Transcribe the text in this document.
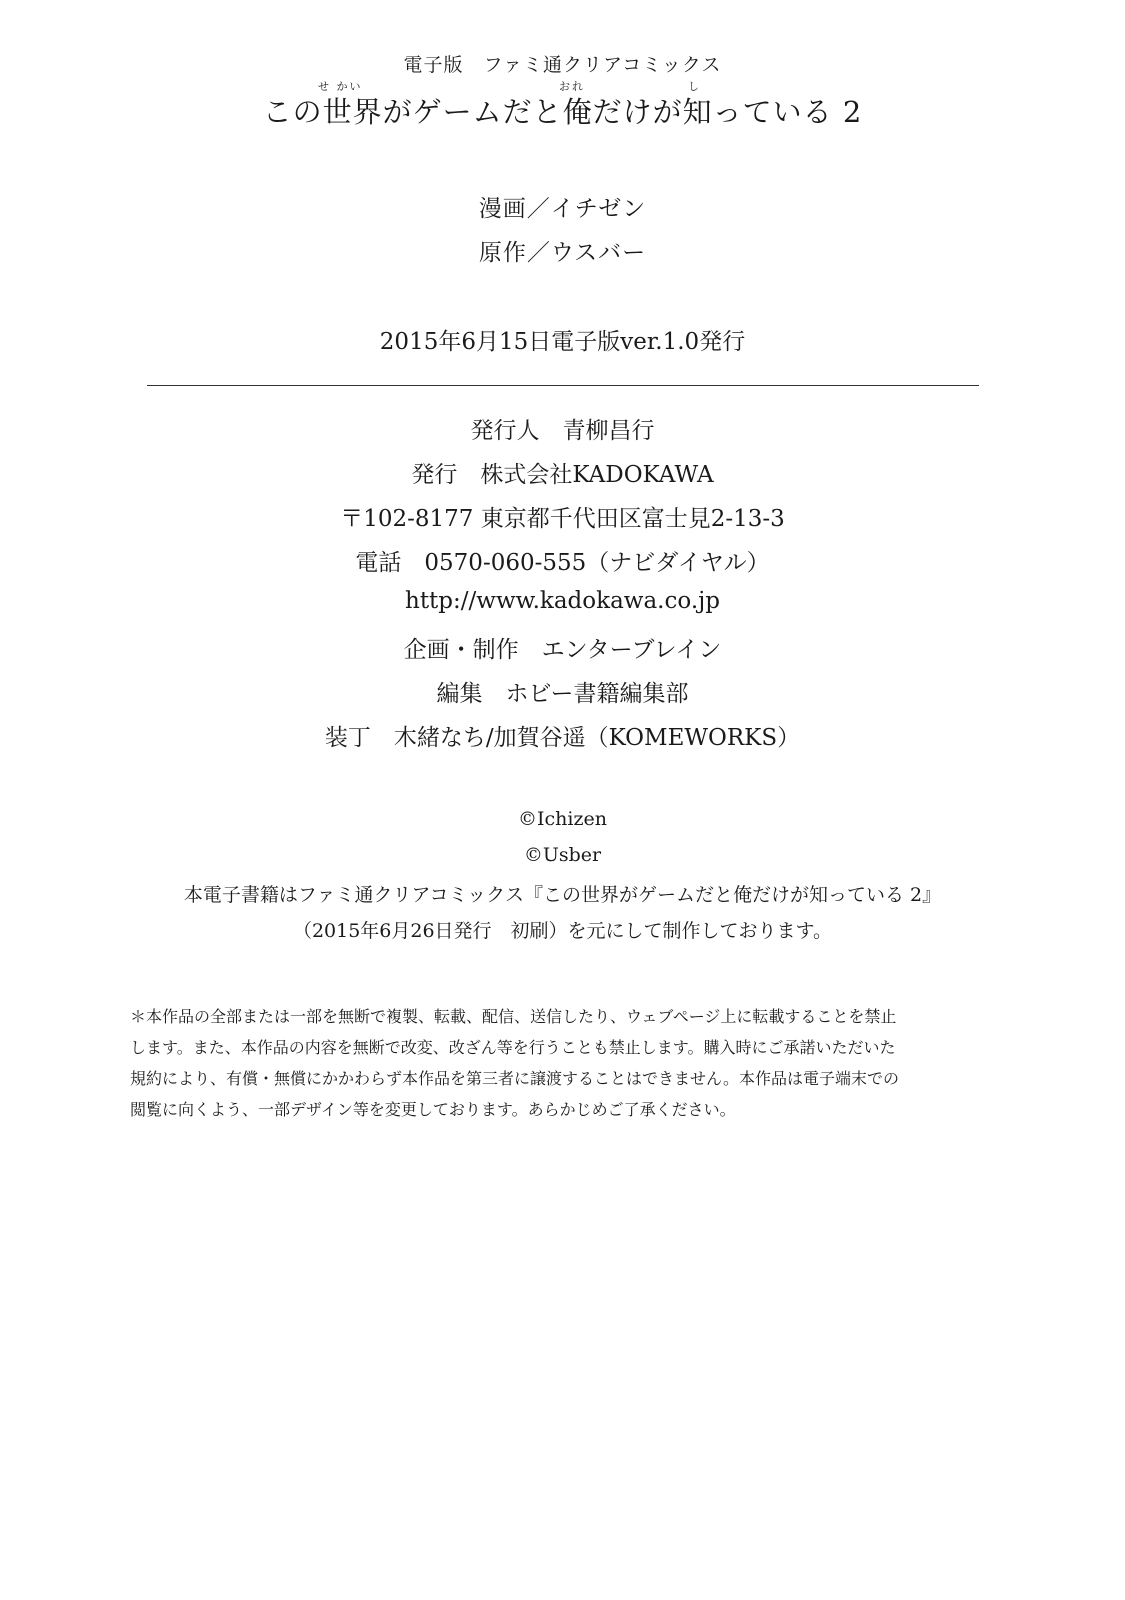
電子版　ファミ通クリアコミックス
せ かい	おれ	し
この世界がゲームだと俺だけが知っている 2
漫画／イチゼン
原作／ウスバー
2015年6月15日電子版ver.1.0発行
発行人　青柳昌行
発行　株式会社KADOKAWA
〒102-8177 東京都千代田区富士見2-13-3
電話　0570-060-555（ナビダイヤル）
http://www.kadokawa.co.jp
企画・制作　エンターブレイン
編集　ホビー書籍編集部
装丁　木緒なち/加賀谷遥（KOMEWORKS）
©Ichizen
©Usber
本電子書籍はファミ通クリアコミックス『この世界がゲームだと俺だけが知っている 2』
（2015年6月26日発行　初刷）を元にして制作しております。
＊本作品の全部または一部を無断で複製、転載、配信、送信したり、ウェブページ上に転載することを禁止
します。また、本作品の内容を無断で改変、改ざん等を行うことも禁止します。購入時にご承諾いただいた
規約により、有償・無償にかかわらず本作品を第三者に譲渡することはできません。本作品は電子端末での
閲覧に向くよう、一部デザイン等を変更しております。あらかじめご了承ください。
